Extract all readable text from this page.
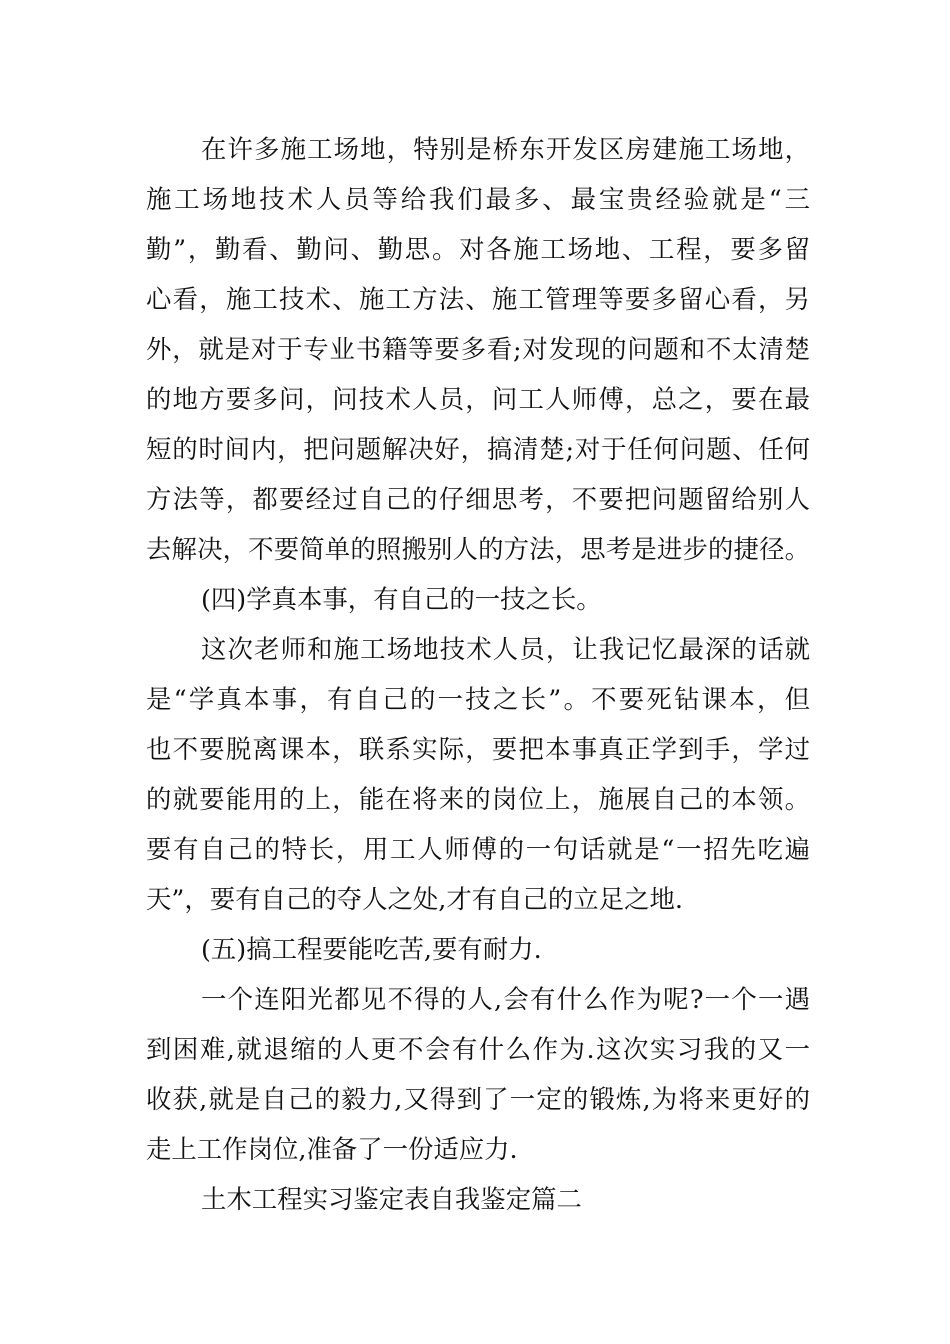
在许多施工场地，特别是桥东开发区房建施工场地，
施工场地技术人员等给我们最多、最宝贵经验就是“三
勤”，勤看、勤问、勤思。对各施工场地、工程，要多留
心看，施工技术、施工方法、施工管理等要多留心看，另
外，就是对于专业书籍等要多看;对发现的问题和不太清楚
的地方要多问，问技术人员，问工人师傅，总之，要在最
短的时间内，把问题解决好，搞清楚;对于任何问题、任何
方法等，都要经过自己的仔细思考，不要把问题留给别人
去解决，不要简单的照搬别人的方法，思考是进步的捷径。
(四)学真本事，有自己的一技之长。
这次老师和施工场地技术人员，让我记忆最深的话就
是“学真本事，有自己的一技之长”。不要死钻课本，但
也不要脱离课本，联系实际，要把本事真正学到手，学过
的就要能用的上，能在将来的岗位上，施展自己的本领。
要有自己的特长，用工人师傅的一句话就是“一招先吃遍
天”，要有自己的夺人之处,才有自己的立足之地.
(五)搞工程要能吃苦,要有耐力.
一个连阳光都见不得的人,会有什么作为呢?一个一遇
到困难,就退缩的人更不会有什么作为.这次实习我的又一
收获,就是自己的毅力,又得到了一定的锻炼,为将来更好的
走上工作岗位,准备了一份适应力.
土木工程实习鉴定表自我鉴定篇二
